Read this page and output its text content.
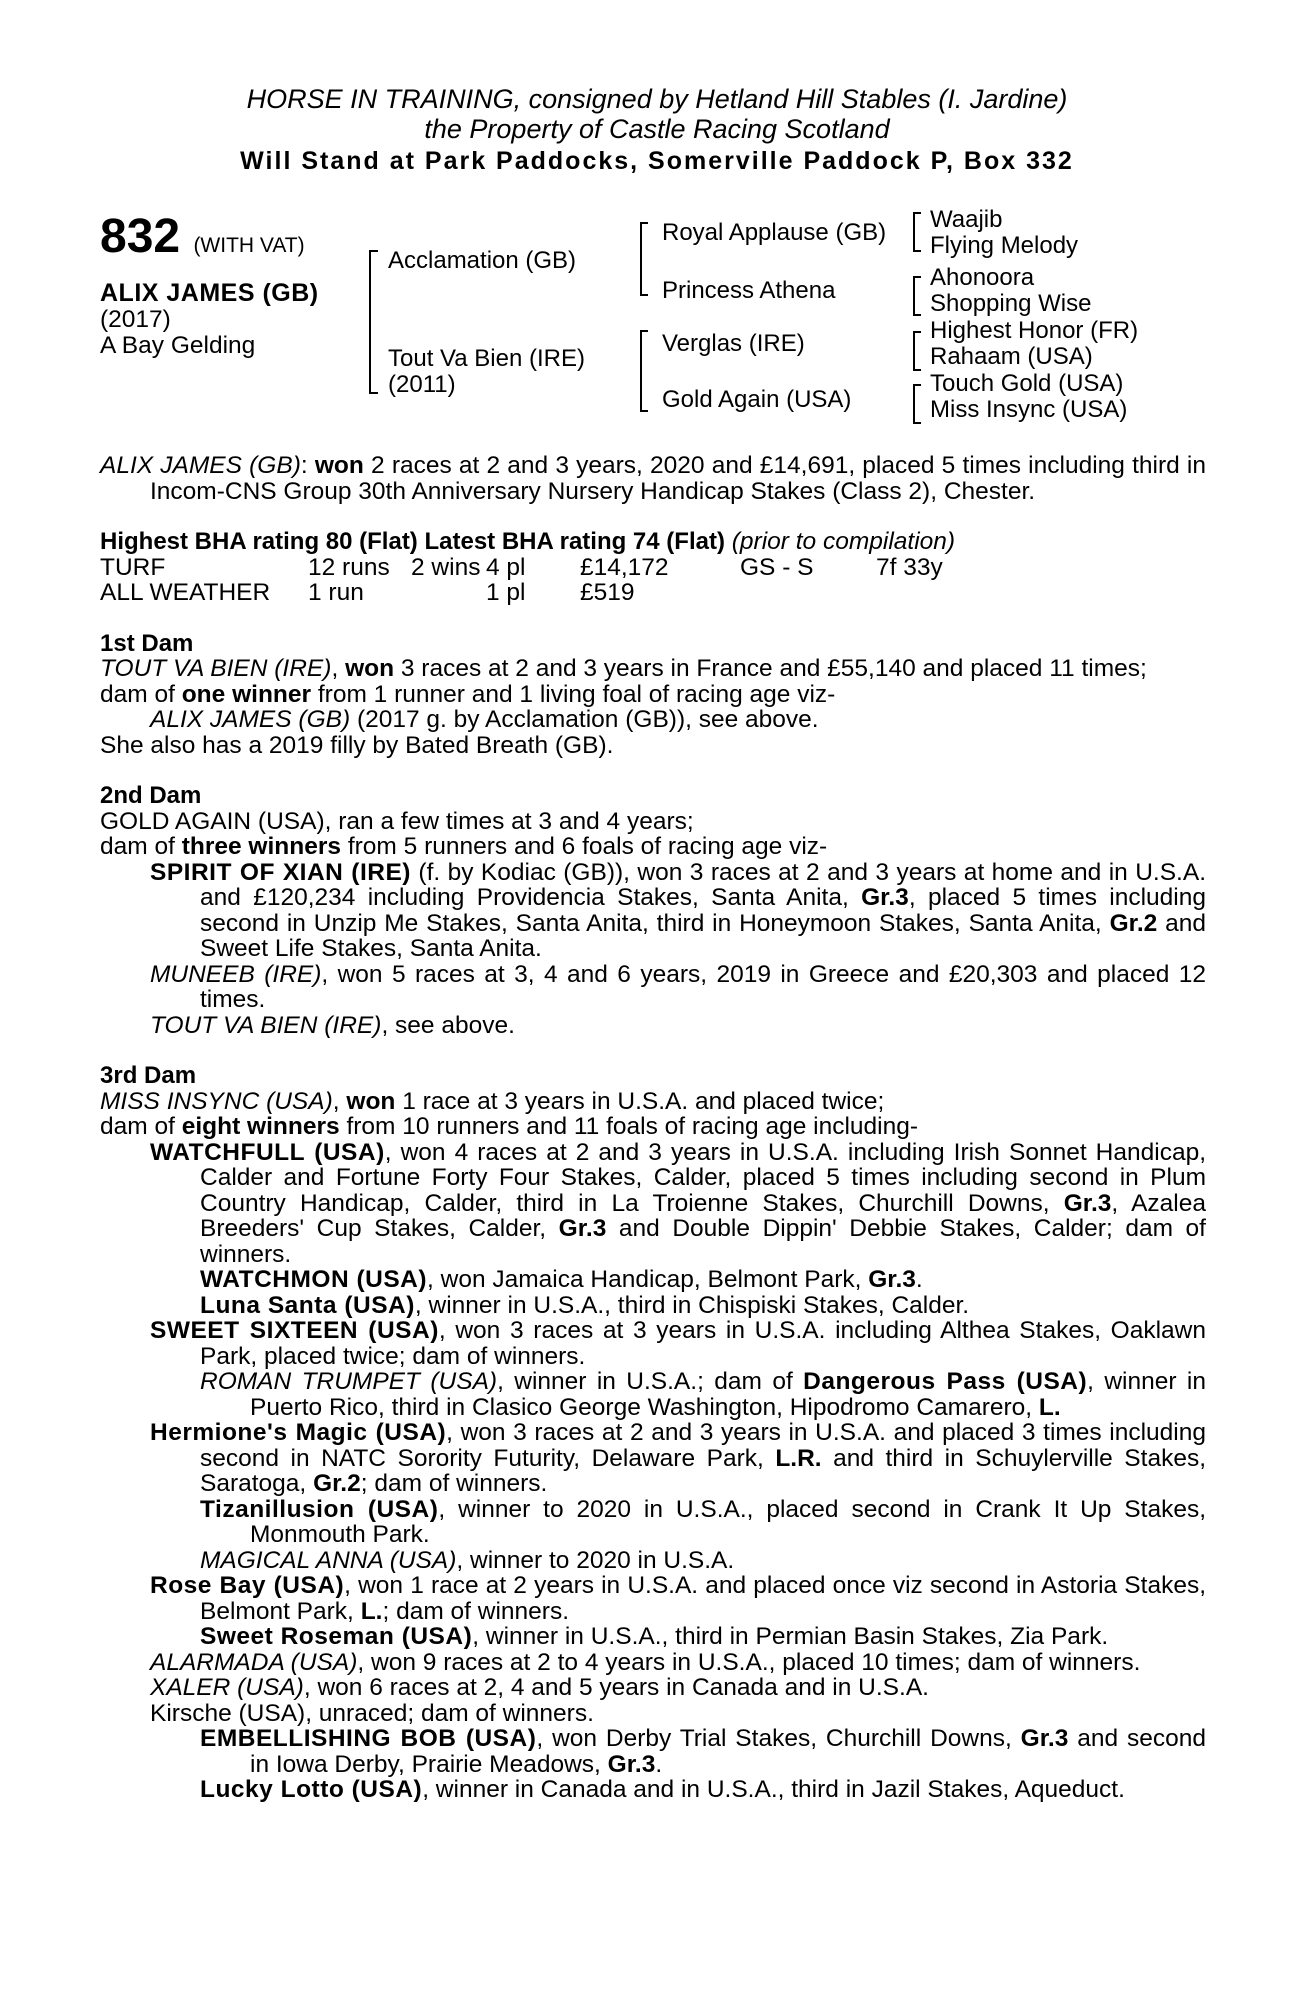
HORSE IN TRAINING, consigned by Hetland Hill Stables (I. Jardine)
the Property of Castle Racing Scotland
Will Stand at Park Paddocks, Somerville Paddock P, Box 332
832 (WITH VAT)
ALIX JAMES (GB)
(2017)
A Bay Gelding
Acclamation (GB)
Tout Va Bien (IRE)
(2011)
Royal Applause (GB)
Princess Athena
Verglas (IRE)
Gold Again (USA)
Waajib
Flying Melody
Ahonoora
Shopping Wise
Highest Honor (FR)
Rahaam (USA)
Touch Gold (USA)
Miss Insync (USA)

ALIX JAMES (GB): won 2 races at 2 and 3 years, 2020 and £14,691, placed 5 times including third in Incom-CNS Group 30th Anniversary Nursery Handicap Stakes (Class 2), Chester.

Highest BHA rating 80 (Flat) Latest BHA rating 74 (Flat) (prior to compilation)

TURF	12 runs	2 wins	4 pl	£14,172	GS - S	7f 33y
ALL WEATHER	1 run		1 pl	£519		

1st Dam

TOUT VA BIEN (IRE), won 3 races at 2 and 3 years in France and £55,140 and placed 11 times;

dam of one winner from 1 runner and 1 living foal of racing age viz-

ALIX JAMES (GB) (2017 g. by Acclamation (GB)), see above.

She also has a 2019 filly by Bated Breath (GB).

2nd Dam

GOLD AGAIN (USA), ran a few times at 3 and 4 years;

dam of three winners from 5 runners and 6 foals of racing age viz-

SPIRIT OF XIAN (IRE) (f. by Kodiac (GB)), won 3 races at 2 and 3 years at home and in U.S.A. and £120,234 including Providencia Stakes, Santa Anita, Gr.3, placed 5 times including second in Unzip Me Stakes, Santa Anita, third in Honeymoon Stakes, Santa Anita, Gr.2 and Sweet Life Stakes, Santa Anita.

MUNEEB (IRE), won 5 races at 3, 4 and 6 years, 2019 in Greece and £20,303 and placed 12 times.

TOUT VA BIEN (IRE), see above.

3rd Dam

MISS INSYNC (USA), won 1 race at 3 years in U.S.A. and placed twice;

dam of eight winners from 10 runners and 11 foals of racing age including-

WATCHFULL (USA), won 4 races at 2 and 3 years in U.S.A. including Irish Sonnet Handicap, Calder and Fortune Forty Four Stakes, Calder, placed 5 times including second in Plum Country Handicap, Calder, third in La Troienne Stakes, Churchill Downs, Gr.3, Azalea Breeders' Cup Stakes, Calder, Gr.3 and Double Dippin' Debbie Stakes, Calder; dam of winners.

WATCHMON (USA), won Jamaica Handicap, Belmont Park, Gr.3.

Luna Santa (USA), winner in U.S.A., third in Chispiski Stakes, Calder.

SWEET SIXTEEN (USA), won 3 races at 3 years in U.S.A. including Althea Stakes, Oaklawn Park, placed twice; dam of winners.

ROMAN TRUMPET (USA), winner in U.S.A.; dam of Dangerous Pass (USA), winner in Puerto Rico, third in Clasico George Washington, Hipodromo Camarero, L.

Hermione's Magic (USA), won 3 races at 2 and 3 years in U.S.A. and placed 3 times including second in NATC Sorority Futurity, Delaware Park, L.R. and third in Schuylerville Stakes, Saratoga, Gr.2; dam of winners.

Tizanillusion (USA), winner to 2020 in U.S.A., placed second in Crank It Up Stakes, Monmouth Park.

MAGICAL ANNA (USA), winner to 2020 in U.S.A.

Rose Bay (USA), won 1 race at 2 years in U.S.A. and placed once viz second in Astoria Stakes, Belmont Park, L.; dam of winners.

Sweet Roseman (USA), winner in U.S.A., third in Permian Basin Stakes, Zia Park.

ALARMADA (USA), won 9 races at 2 to 4 years in U.S.A., placed 10 times; dam of winners.

XALER (USA), won 6 races at 2, 4 and 5 years in Canada and in U.S.A.

Kirsche (USA), unraced; dam of winners.

EMBELLISHING BOB (USA), won Derby Trial Stakes, Churchill Downs, Gr.3 and second in Iowa Derby, Prairie Meadows, Gr.3.

Lucky Lotto (USA), winner in Canada and in U.S.A., third in Jazil Stakes, Aqueduct.
